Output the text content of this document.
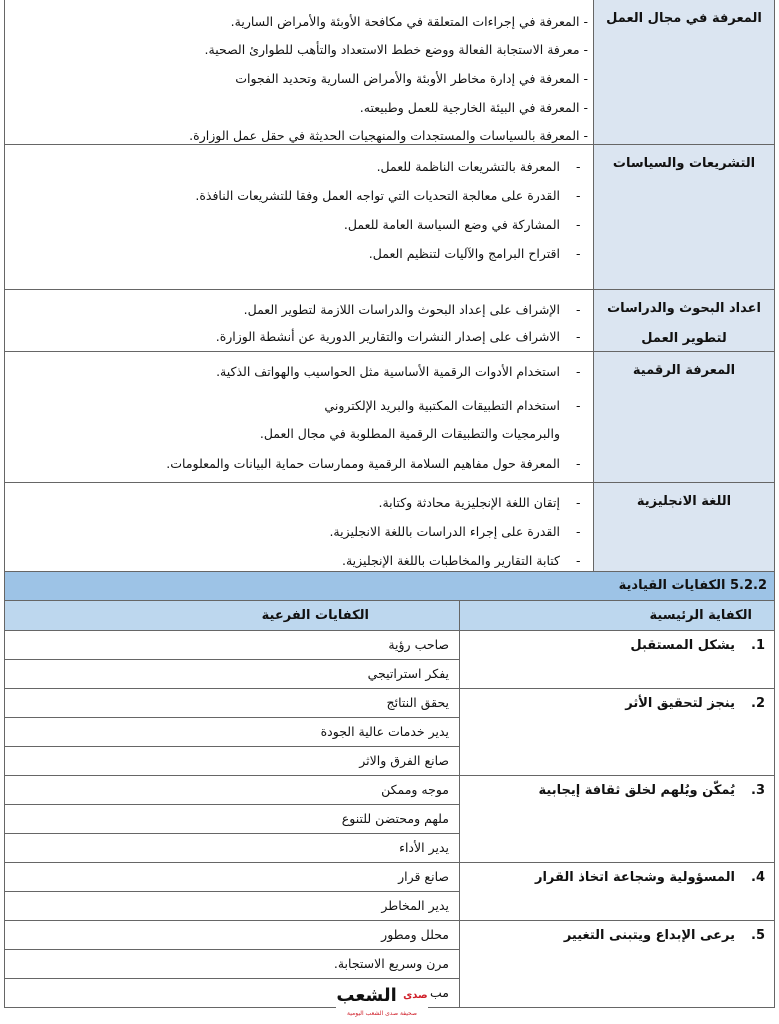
المعرفة في مجال العمل
- المعرفة في إجراءات المتعلقة في مكافحة الأوبئة والأمراض السارية.
- معرفة الاستجابة الفعالة ووضع خطط الاستعداد والتأهب للطوارئ الصحية.
- المعرفة في إدارة مخاطر الأوبئة والأمراض السارية وتحديد الفجوات
- المعرفة في البيئة الخارجية للعمل وطبيعته.
- المعرفة بالسياسات والمستجدات والمنهجيات الحديثة في حقل عمل الوزارة.
التشريعات والسياسات
-
المعرفة بالتشريعات الناظمة للعمل.
-
القدرة على معالجة التحديات التي تواجه العمل وفقا للتشريعات النافذة.
-
المشاركة في وضع السياسة العامة للعمل.
-
اقتراح البرامج والآليات لتنظيم العمل.
اعداد البحوث والدراسات لتطوير العمل
-
الإشراف على إعداد البحوث والدراسات اللازمة لتطوير العمل.
-
الاشراف على إصدار النشرات والتقارير الدورية عن أنشطة الوزارة.
المعرفة الرقمية
-
استخدام الأدوات الرقمية الأساسية مثل الحواسيب والهواتف الذكية.
-
استخدام التطبيقات المكتبية والبريد الإلكتروني
والبرمجيات والتطبيقات الرقمية المطلوبة في مجال العمل.
-
المعرفة حول مفاهيم السلامة الرقمية وممارسات حماية البيانات والمعلومات.
اللغة الانجليزية
-
إتقان اللغة الإنجليزية محادثة وكتابة.
-
القدرة على إجراء الدراسات باللغة الانجليزية.
-
كتابة التقارير والمخاطبات باللغة الإنجليزية.
5.2.2 الكفايات القيادية
الكفاية الرئيسية
الكفايات الفرعية
1.
يشكل المستقبل
صاحب رؤية
يفكر استراتيجي
2.
ينجز لتحقيق الأثر
يحقق النتائج
يدير خدمات عالية الجودة
صانع الفرق والاثر
3.
يُمكّن ويُلهم لخلق ثقافة إيجابية
موجه وممكن
ملهم ومحتضن للتنوع
يدير الأداء
4.
المسؤولية وشجاعة اتخاذ القرار
صانع قرار
يدير المخاطر
5.
يرعى الإبداع ويتبنى التغيير
محلل ومطور
مرن وسريع الاستجابة.
مب
$^{صدى}$ الشعب
صحيفة صدى الشعب اليومية
